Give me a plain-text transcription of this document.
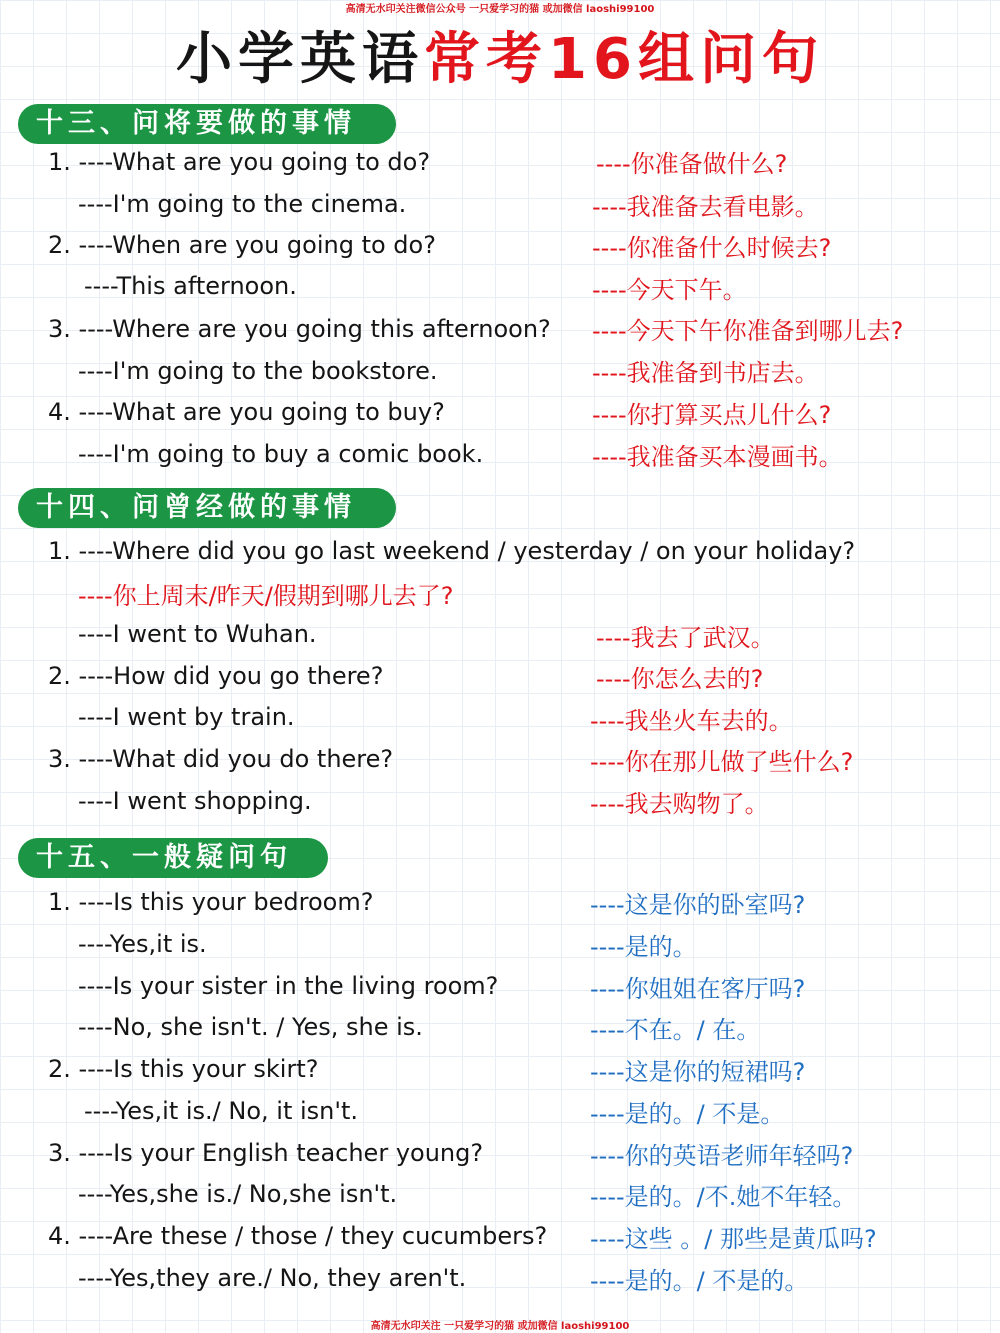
高清无水印关注微信公众号 一只爱学习的猫 或加微信 laoshi99100
小学英语常考16组问句
十三、问将要做的事情
1. ----What are you going to do?	----你准备做什么?
----I'm going to the cinema.	----我准备去看电影。
2. ----When are you going to do?	----你准备什么时候去?
----This afternoon.	----今天下午。
3. ----Where are you going this afternoon? ----今天下午你准备到哪儿去?
----I'm going to the bookstore.	----我准备到书店去。
4. ----What are you going to buy?	----你打算买点儿什么?
----I'm going to buy a comic book.	----我准备买本漫画书。
十四、问曾经做的事情
1. ----Where did you go last weekend / yesterday / on your holiday?
----你上周末/昨天/假期到哪儿去了?
----I went to Wuhan.	----我去了武汉。
2. ----How did you go there?	----你怎么去的?
----I went by train.	----我坐火车去的。
3. ----What did you do there?	----你在那儿做了些什么?
----I went shopping.	----我去购物了。
十五、一般疑问句
1. ----Is this your bedroom?	----这是你的卧室吗?
----Yes,it is.	----是的。
----Is your sister in the living room?	----你姐姐在客厅吗?
----No, she isn't. / Yes, she is.	----不在。/ 在。
2. ----Is this your skirt?	----这是你的短裙吗?
----Yes,it is./ No, it isn't.	----是的。/ 不是。
3. ----Is your English teacher young?	----你的英语老师年轻吗?
----Yes,she is./ No,she isn't.	----是的。/不.她不年轻。
4. ----Are these / those / they cucumbers? ----这些 。/ 那些是黄瓜吗?
----Yes,they are./ No, they aren't.	----是的。/ 不是的。
高清无水印关注 一只爱学习的猫 或加微信 laoshi99100
